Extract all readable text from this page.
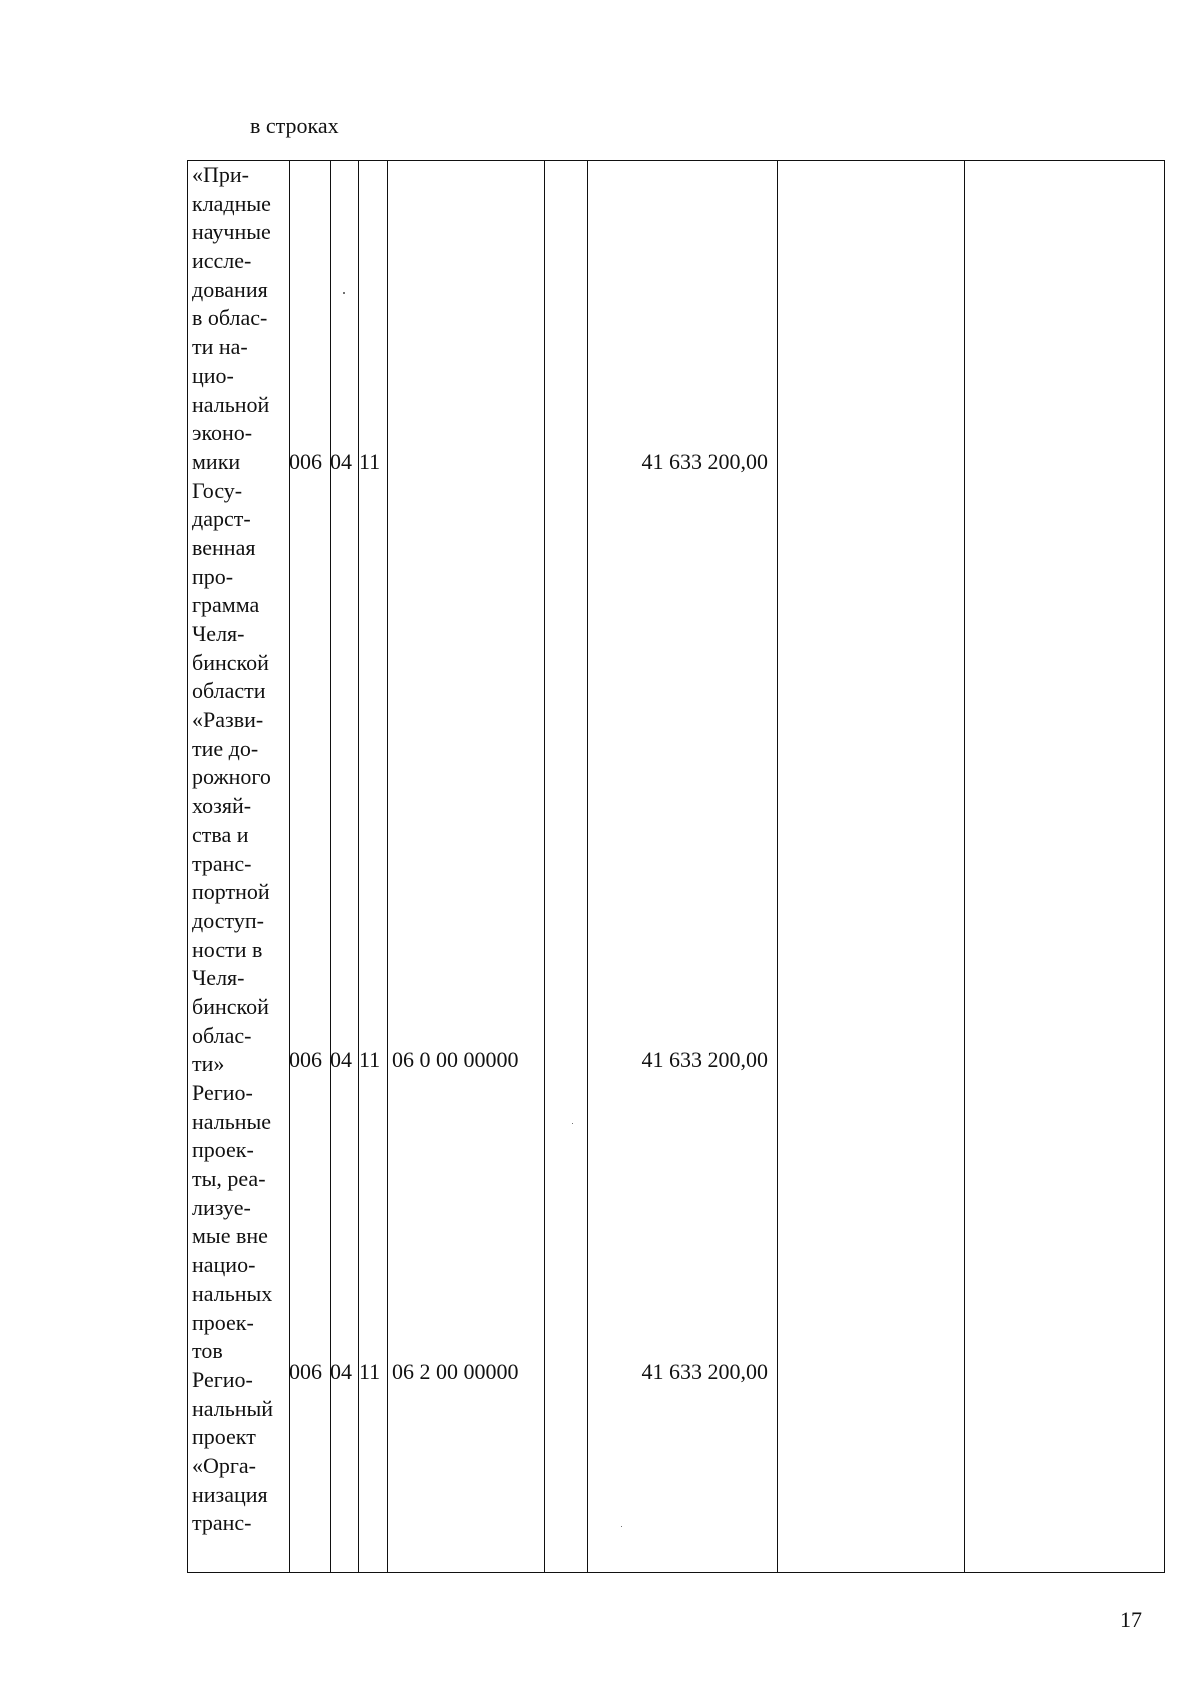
в строках
«При-
кладные
научные
иссле-
дования
в облас-
ти на-
цио-
нальной
эконо-
мики
Госу-
дарст-
венная
про-
грамма
Челя-
бинской
области
«Разви-
тие до-
рожного
хозяй-
ства и
транс-
портной
доступ-
ности в
Челя-
бинской
облас-
ти»
Регио-
нальные
проек-
ты, реа-
лизуе-
мые вне
нацио-
нальных
проек-
тов
Регио-
нальный
проект
«Орга-
низация
транс-
006 04 11	41 633 200,00
006 04 11 06 0 00 00000	41 633 200,00
006 04 11 06 2 00 00000	41 633 200,00
17
